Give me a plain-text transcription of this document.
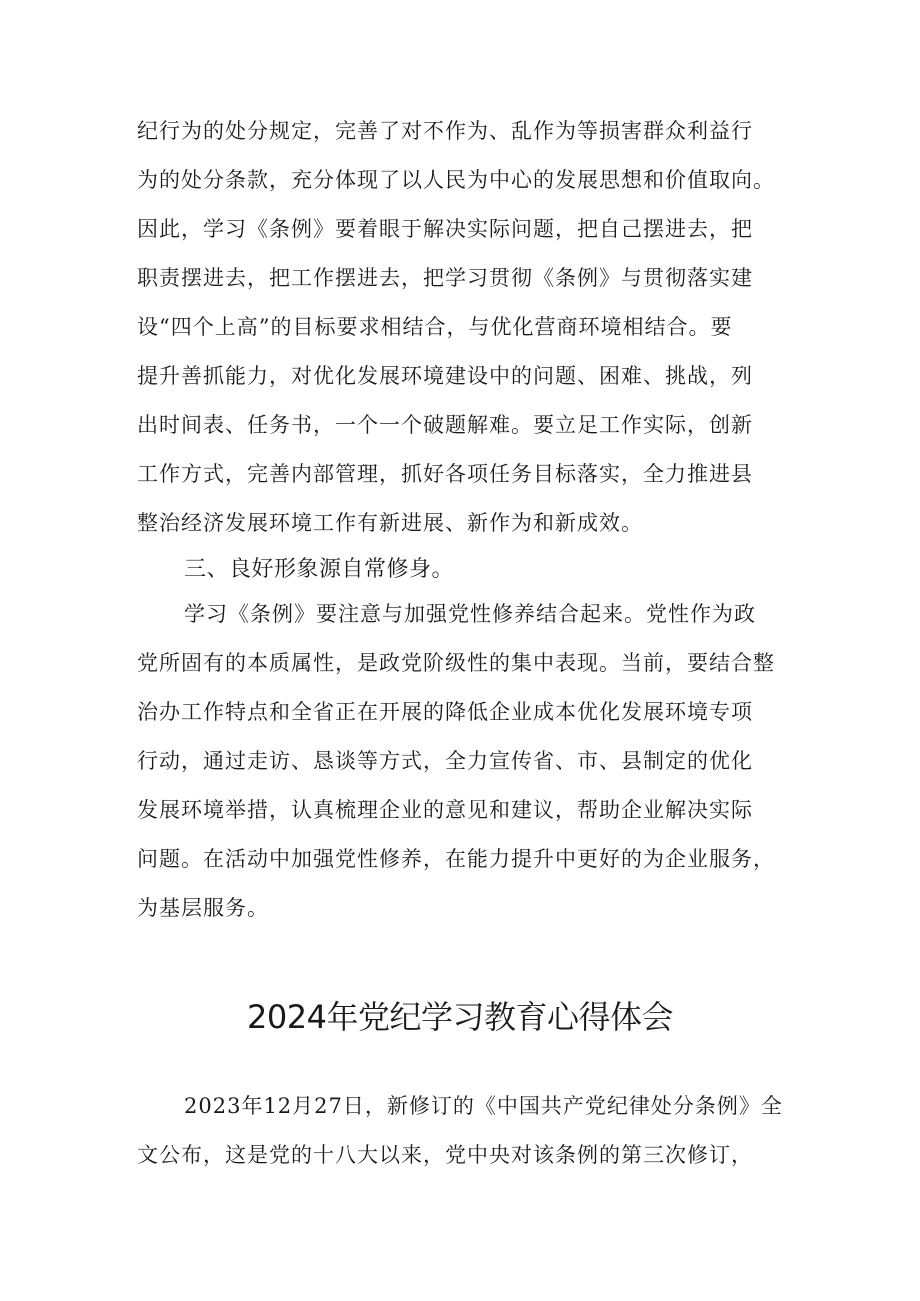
纪行为的处分规定，完善了对不作为、乱作为等损害群众利益行
为的处分条款，充分体现了以人民为中心的发展思想和价值取向。
因此，学习《条例》要着眼于解决实际问题，把自己摆进去，把
职责摆进去，把工作摆进去，把学习贯彻《条例》与贯彻落实建
设“四个上高”的目标要求相结合，与优化营商环境相结合。要
提升善抓能力，对优化发展环境建设中的问题、困难、挑战，列
出时间表、任务书，一个一个破题解难。要立足工作实际，创新
工作方式，完善内部管理，抓好各项任务目标落实，全力推进县
整治经济发展环境工作有新进展、新作为和新成效。
三、良好形象源自常修身。
学习《条例》要注意与加强党性修养结合起来。党性作为政
党所固有的本质属性，是政党阶级性的集中表现。当前，要结合整
治办工作特点和全省正在开展的降低企业成本优化发展环境专项
行动，通过走访、恳谈等方式，全力宣传省、市、县制定的优化
发展环境举措，认真梳理企业的意见和建议，帮助企业解决实际
问题。在活动中加强党性修养，在能力提升中更好的为企业服务，
为基层服务。
2024年党纪学习教育心得体会
2023年12月27日，新修订的《中国共产党纪律处分条例》全
文公布，这是党的十八大以来，党中央对该条例的第三次修订，
